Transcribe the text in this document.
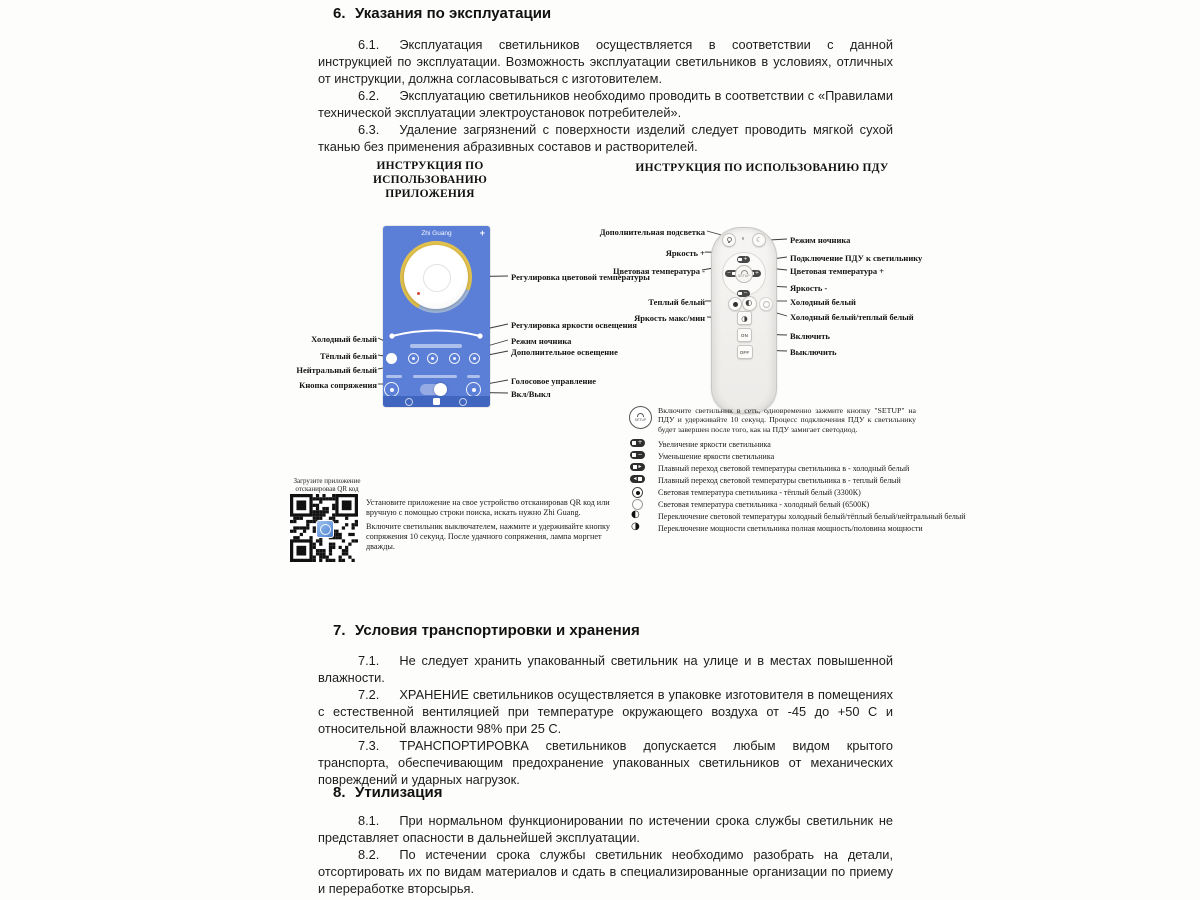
6. Указания по эксплуатации
6.1. Эксплуатация светильников осуществляется в соответствии с данной инструкцией по эксплуатации. Возможность эксплуатации светильников в условиях, отличных от инструкции, должна согласовываться с изготовителем.
6.2. Эксплуатацию светильников необходимо проводить в соответствии с «Правилами технической эксплуатации электроустановок потребителей».
6.3. Удаление загрязнений с поверхности изделий следует проводить мягкой сухой тканью без применения абразивных составов и растворителей.
ИНСТРУКЦИЯ ПО ИСПОЛЬЗОВАНИЮ ПРИЛОЖЕНИЯ
ИНСТРУКЦИЯ ПО ИСПОЛЬЗОВАНИЮ ПДУ
Zhi Guang	+
Холодный белый
Тёплый белый
Нейтральный белый
Кнопка сопряжения
Регулировка цветовой температуры
Регулировка яркости освещения
Режим ночника
Дополнительное освещение
Голосовое управление
Вкл/Выкл
☾
+
−	+
−
SETUP
◐
◑
ON
OFF
Дополнительная подсветка
Яркость +
Цветовая температура -
Теплый белый
Яркость макс/мин
Режим ночника
Подключение ПДУ к светильнику
Цветовая температура +
Яркость -
Холодный белый
Холодный белый/теплый белый
Включить
Выключить
SETUP
Включите светильник в сеть, одновременно зажмите кнопку "SETUP" на ПДУ и удерживайте 10 секунд. Процесс подключения ПДУ к светильнику будет завершен после того, как на ПДУ замигает светодиод.
+ Увеличение яркости светильника
− Уменьшение яркости светильника
▸ Плавный переход световой температуры светильника в - холодный белый
◂	Плавный переход световой температуры светильника в - теплый белый
Световая температура светильника - тёплый белый (3300К)
Световая температура светильника - холодный белый (6500К)
◐ Переключение световой температуры холодный белый/тёплый белый/нейтральный белый
◑ Переключение мощности светильника полная мощность/половина мощности
Загрузите приложение отсканировав QR код
Установите приложение на свое устройство отсканировав QR код или вручную с помощью строки поиска, искать нужно Zhi Guang.
Включите светильник выключателем, нажмите и удерживайте кнопку сопряжения 10 секунд. После удачного сопряжения, лампа моргнет дважды.
7. Условия транспортировки и хранения
7.1. Не следует хранить упакованный светильник на улице и в местах повышенной влажности.
7.2. ХРАНЕНИЕ светильников осуществляется в упаковке изготовителя в помещениях с естественной вентиляцией при температуре окружающего воздуха от -45 до +50 С и относительной влажности 98% при 25 С.
7.3. ТРАНСПОРТИРОВКА светильников допускается любым видом крытого транспорта, обеспечивающим предохранение упакованных светильников от механических повреждений и ударных нагрузок.
8. Утилизация
8.1. При нормальном функционировании по истечении срока службы светильник не представляет опасности в дальнейшей эксплуатации.
8.2. По истечении срока службы светильник необходимо разобрать на детали, отсортировать их по видам материалов и сдать в специализированные организации по приему и переработке вторсырья.
